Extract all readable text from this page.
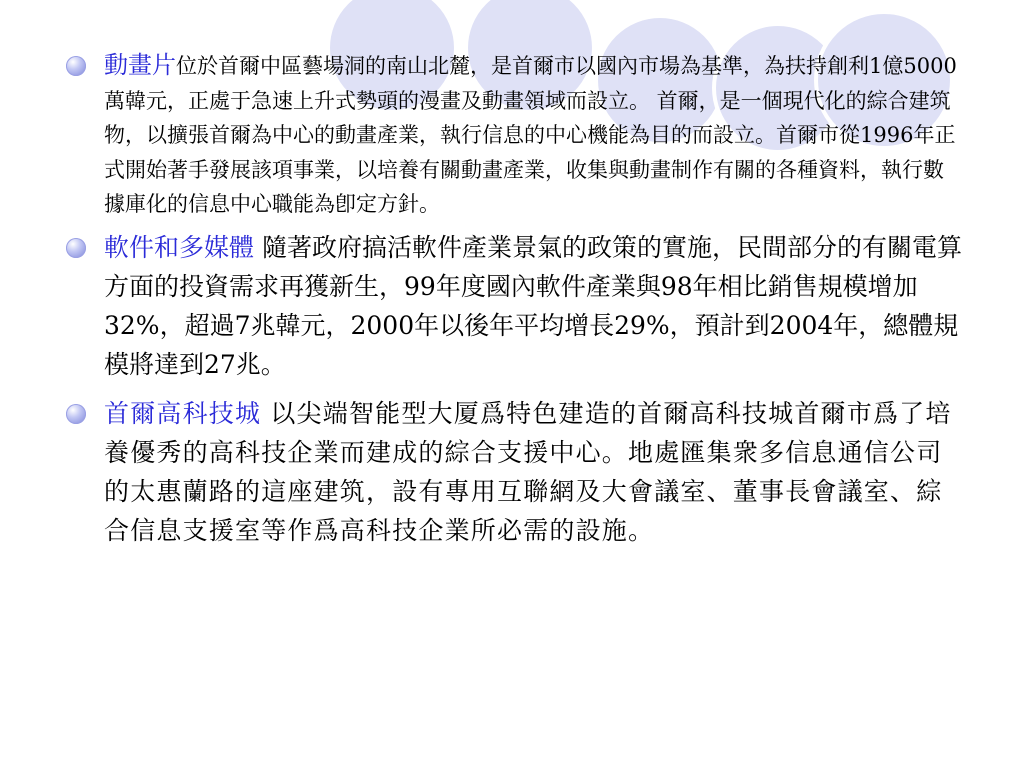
動畫片位於首爾中區藝場洞的南山北麓，是首爾市以國內市場為基準，為扶持創利1億5000萬韓元，正處于急速上升式勢頭的漫畫及動畫領域而設立。 首爾，是一個現代化的綜合建筑物，以擴張首爾為中心的動畫產業，執行信息的中心機能為目的而設立。首爾市從1996年正式開始著手發展該項事業，以培養有關動畫產業，收集與動畫制作有關的各種資料，執行數據庫化的信息中心職能為卽定方針。
軟件和多媒體 隨著政府搞活軟件產業景氣的政策的實施，民間部分的有關電算方面的投資需求再獲新生，99年度國內軟件產業與98年相比銷售規模增加32%，超過7兆韓元，2000年以後年平均增長29%，預計到2004年，總體規模將達到27兆。
首爾高科技城 以尖端智能型大厦爲特色建造的首爾高科技城首爾市爲了培養優秀的高科技企業而建成的綜合支援中心。地處匯集衆多信息通信公司的太惠蘭路的這座建筑，設有專用互聯網及大會議室、董事長會議室、綜合信息支援室等作爲高科技企業所必需的設施。
